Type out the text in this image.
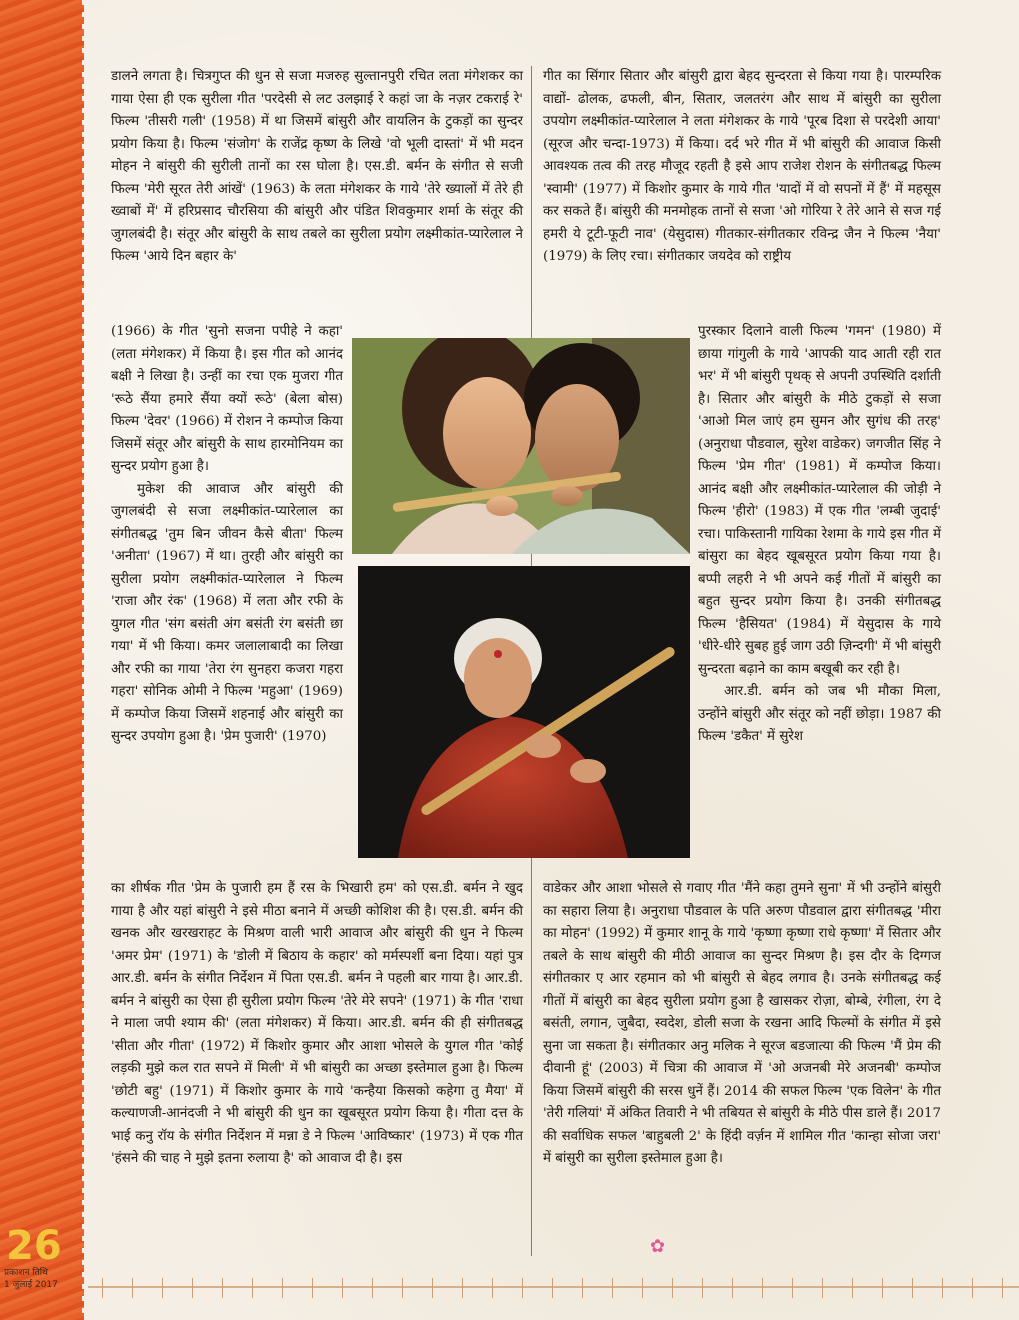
डालने लगता है। चित्रगुप्त की धुन से सजा मजरुह सुल्तानपुरी रचित लता मंगेशकर का गाया ऐसा ही एक सुरीला गीत 'परदेसी से लट उलझाई रे कहां जा के नज़र टकराई रे' फिल्म 'तीसरी गली' (1958) में था जिसमें बांसुरी और वायलिन के टुकड़ों का सुन्दर प्रयोग किया है। फिल्म 'संजोग' के राजेंद्र कृष्ण के लिखे 'वो भूली दास्तां' में भी मदन मोहन ने बांसुरी की सुरीली तानों का रस घोला है। एस.डी. बर्मन के संगीत से सजी फिल्म 'मेरी सूरत तेरी आंखें' (1963) के लता मंगेशकर के गाये 'तेरे ख्यालों में तेरे ही ख्वाबों में' में हरिप्रसाद चौरसिया की बांसुरी और पंडित शिवकुमार शर्मा के संतूर की जुगलबंदी है। संतूर और बांसुरी के साथ तबले का सुरीला प्रयोग लक्ष्मीकांत-प्यारेलाल ने फिल्म 'आये दिन बहार के'

(1966) के गीत 'सुनो सजना पपीहे ने कहा' (लता मंगेशकर) में किया है। इस गीत को आनंद बक्षी ने लिखा है। उन्हीं का रचा एक मुजरा गीत 'रूठे सैंया हमारे सैंया क्यों रूठे' (बेला बोस) फिल्म 'देवर' (1966) में रोशन ने कम्पोज किया जिसमें संतूर और बांसुरी के साथ हारमोनियम का सुन्दर प्रयोग हुआ है।

मुकेश की आवाज और बांसुरी की जुगलबंदी से सजा लक्ष्मीकांत-प्यारेलाल का संगीतबद्ध 'तुम बिन जीवन कैसे बीता' फिल्म 'अनीता' (1967) में था। तुरही और बांसुरी का सुरीला प्रयोग लक्ष्मीकांत-प्यारेलाल ने फिल्म 'राजा और रंक' (1968) में लता और रफी के युगल गीत 'संग बसंती अंग बसंती रंग बसंती छा गया' में भी किया। कमर जलालाबादी का लिखा और रफी का गाया 'तेरा रंग सुनहरा कजरा गहरा गहरा' सोनिक ओमी ने फिल्म 'महुआ' (1969) में कम्पोज किया जिसमें शहनाई और बांसुरी का सुन्दर उपयोग हुआ है। 'प्रेम पुजारी' (1970)

का शीर्षक गीत 'प्रेम के पुजारी हम हैं रस के भिखारी हम' को एस.डी. बर्मन ने खुद गाया है और यहां बांसुरी ने इसे मीठा बनाने में अच्छी कोशिश की है। एस.डी. बर्मन की खनक और खरखराहट के मिश्रण वाली भारी आवाज और बांसुरी की धुन ने फिल्म 'अमर प्रेम' (1971) के 'डोली में बिठाय के कहार' को मर्मस्पर्शी बना दिया। यहां पुत्र आर.डी. बर्मन के संगीत निर्देशन में पिता एस.डी. बर्मन ने पहली बार गाया है। आर.डी. बर्मन ने बांसुरी का ऐसा ही सुरीला प्रयोग फिल्म 'तेरे मेरे सपने' (1971) के गीत 'राधा ने माला जपी श्याम की' (लता मंगेशकर) में किया। आर.डी. बर्मन की ही संगीतबद्ध 'सीता और गीता' (1972) में किशोर कुमार और आशा भोसले के युगल गीत 'कोई लड़की मुझे कल रात सपने में मिली' में भी बांसुरी का अच्छा इस्तेमाल हुआ है। फिल्म 'छोटी बहु' (1971) में किशोर कुमार के गाये 'कन्हैया किसको कहेगा तु मैया' में कल्याणजी-आनंदजी ने भी बांसुरी की धुन का खूबसूरत प्रयोग किया है। गीता दत्त के भाई कनु रॉय के संगीत निर्देशन में मन्ना डे ने फिल्म 'आविष्कार' (1973) में एक गीत 'हंसने की चाह ने मुझे इतना रुलाया है' को आवाज दी है। इस

गीत का सिंगार सितार और बांसुरी द्वारा बेहद सुन्दरता से किया गया है। पारम्परिक वाद्यों- ढोलक, ढफली, बीन, सितार, जलतरंग और साथ में बांसुरी का सुरीला उपयोग लक्ष्मीकांत-प्यारेलाल ने लता मंगेशकर के गाये 'पूरब दिशा से परदेशी आया' (सूरज और चन्दा-1973) में किया। दर्द भरे गीत में भी बांसुरी की आवाज किसी आवश्यक तत्व की तरह मौजूद रहती है इसे आप राजेश रोशन के संगीतबद्ध फिल्म 'स्वामी' (1977) में किशोर कुमार के गाये गीत 'यादों में वो सपनों में हैं' में महसूस कर सकते हैं। बांसुरी की मनमोहक तानों से सजा 'ओ गोरिया रे तेरे आने से सज गई हमरी ये टूटी-फूटी नाव' (येसुदास) गीतकार-संगीतकार रविन्द्र जैन ने फिल्म 'नैया' (1979) के लिए रचा। संगीतकार जयदेव को राष्ट्रीय

पुरस्कार दिलाने वाली फिल्म 'गमन' (1980) में छाया गांगुली के गाये 'आपकी याद आती रही रात भर' में भी बांसुरी पृथक् से अपनी उपस्थिति दर्शाती है। सितार और बांसुरी के मीठे टुकड़ों से सजा 'आओ मिल जाएं हम सुमन और सुगंध की तरह' (अनुराधा पौडवाल, सुरेश वाडेकर) जगजीत सिंह ने फिल्म 'प्रेम गीत' (1981) में कम्पोज किया। आनंद बक्षी और लक्ष्मीकांत-प्यारेलाल की जोड़ी ने फिल्म 'हीरो' (1983) में एक गीत 'लम्बी जुदाई' रचा। पाकिस्तानी गायिका रेशमा के गाये इस गीत में बांसुरा का बेहद खूबसूरत प्रयोग किया गया है। बप्पी लहरी ने भी अपने कई गीतों में बांसुरी का बहुत सुन्दर प्रयोग किया है। उनकी संगीतबद्ध फिल्म 'हैसियत' (1984) में येसुदास के गाये 'धीरे-धीरे सुबह हुई जाग उठी ज़िन्दगी' में भी बांसुरी सुन्दरता बढ़ाने का काम बखूबी कर रही है।

आर.डी. बर्मन को जब भी मौका मिला, उन्होंने बांसुरी और संतूर को नहीं छोड़ा। 1987 की फिल्म 'डकैत' में सुरेश

वाडेकर और आशा भोसले से गवाए गीत 'मैंने कहा तुमने सुना' में भी उन्होंने बांसुरी का सहारा लिया है। अनुराधा पौडवाल के पति अरुण पौडवाल द्वारा संगीतबद्ध 'मीरा का मोहन' (1992) में कुमार शानू के गाये 'कृष्णा कृष्णा राधे कृष्णा' में सितार और तबले के साथ बांसुरी की मीठी आवाज का सुन्दर मिश्रण है। इस दौर के दिग्गज संगीतकार ए आर रहमान को भी बांसुरी से बेहद लगाव है। उनके संगीतबद्ध कई गीतों में बांसुरी का बेहद सुरीला प्रयोग हुआ है खासकर रोज़ा, बोम्बे, रंगीला, रंग दे बसंती, लगान, जुबैदा, स्वदेश, डोली सजा के रखना आदि फिल्मों के संगीत में इसे सुना जा सकता है। संगीतकार अनु मलिक ने सूरज बडजात्या की फिल्म 'मैं प्रेम की दीवानी हूं' (2003) में चित्रा की आवाज में 'ओ अजनबी मेरे अजनबी' कम्पोज किया जिसमें बांसुरी की सरस धुनें हैं। 2014 की सफल फिल्म 'एक विलेन' के गीत 'तेरी गलियां' में अंकित तिवारी ने भी तबियत से बांसुरी के मीठे पीस डाले हैं। 2017 की सर्वाधिक सफल 'बाहुबली 2' के हिंदी वर्ज़न में शामिल गीत 'कान्हा सोजा जरा' में बांसुरी का सुरीला इस्तेमाल हुआ है।

✿
26
प्रकाशन तिथि
1 जुलाई 2017
